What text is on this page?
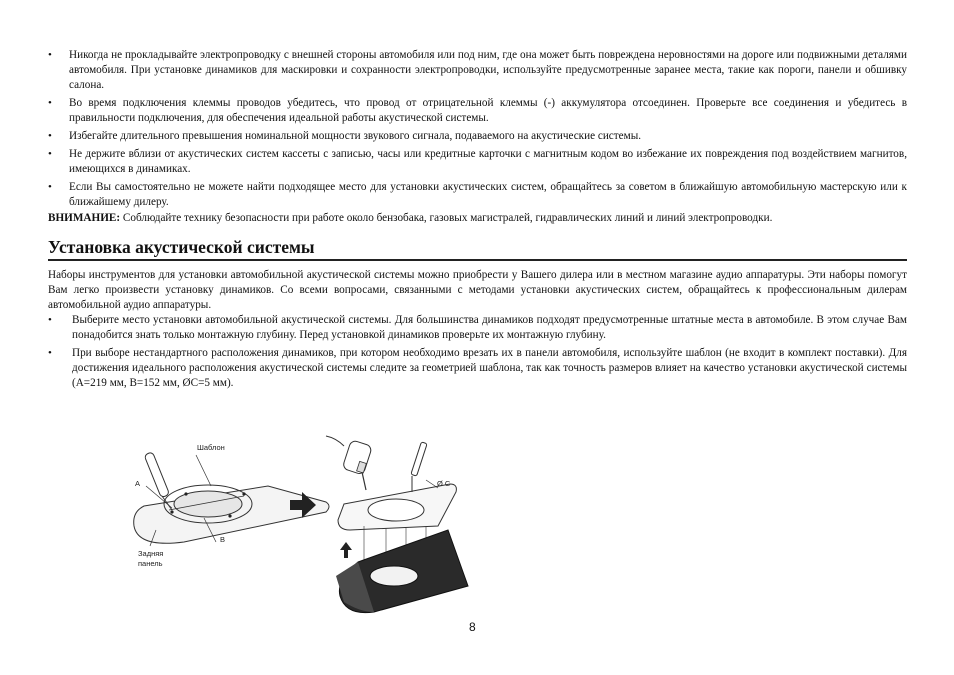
• Никогда не прокладывайте электропроводку с внешней стороны автомобиля или под ним, где она может быть повреждена неровностями на дороге или подвижными деталями автомобиля. При установке динамиков для маскировки и сохранности электропроводки, используйте предусмотренные заранее места, такие как пороги, панели и обшивку салона.
• Во время подключения клеммы проводов убедитесь, что провод от отрицательной клеммы (-) аккумулятора отсоединен. Проверьте все соединения и убедитесь в правильности подключения, для обеспечения идеальной работы акустической системы.
• Избегайте длительного превышения номинальной мощности звукового сигнала, подаваемого на акустические системы.
• Не держите вблизи от акустических систем кассеты с записью, часы или кредитные карточки с магнитным кодом во избежание их повреждения под воздействием магнитов, имеющихся в динамиках.
• Если Вы самостоятельно не можете найти подходящее место для установки акустических систем, обращайтесь за советом в ближайшую автомобильную мастерскую или к ближайшему дилеру.
ВНИМАНИЕ: Соблюдайте технику безопасности при работе около бензобака, газовых магистралей, гидравлических линий и линий электропроводки.
Установка акустической системы
Наборы инструментов для установки автомобильной акустической системы можно приобрести у Вашего дилера или в местном магазине аудио аппаратуры. Эти наборы помогут Вам легко произвести установку динамиков. Со всеми вопросами, связанными с методами установки акустических систем, обращайтесь к профессиональным дилерам автомобильной аудио аппаратуры.
• Выберите место установки автомобильной акустической системы. Для большинства динамиков подходят предусмотренные штатные места в автомобиле. В этом случае Вам понадобится знать только монтажную глубину. Перед установкой динамиков проверьте их монтажную глубину.
• При выборе нестандартного расположения динамиков, при котором необходимо врезать их в панели автомобиля, используйте шаблон (не входит в комплект поставки). Для достижения идеального расположения акустической системы следите за геометрией шаблона, так как точность размеров влияет на качество установки акустической системы (A=219 мм, B=152 мм, ØC=5 мм).
Шаблон
A
B
Задняя
панель
Ø C
8
